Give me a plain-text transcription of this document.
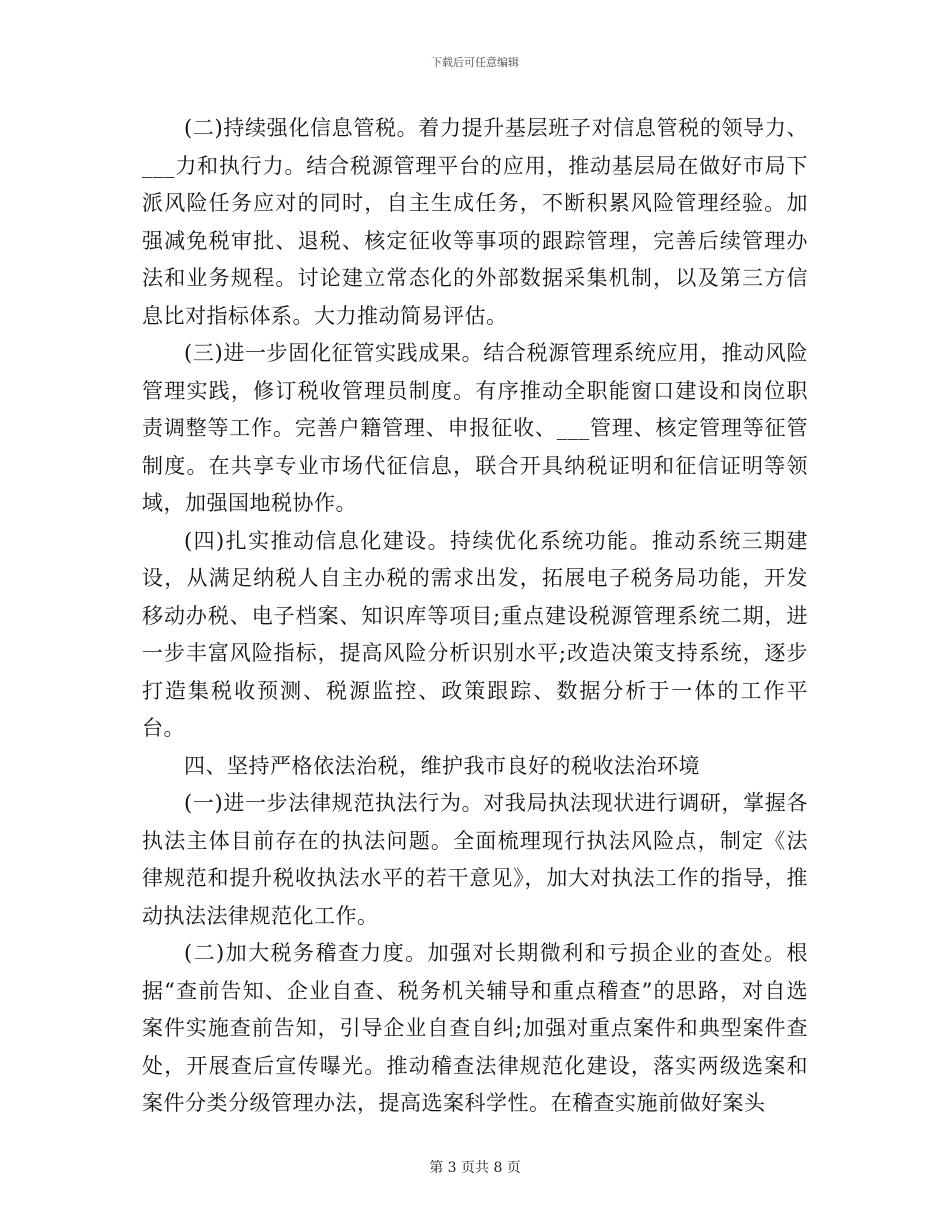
下载后可任意编辑

(二)持续强化信息管税。着力提升基层班子对信息管税的领导力、___力和执行力。结合税源管理平台的应用，推动基层局在做好市局下派风险任务应对的同时，自主生成任务，不断积累风险管理经验。加强减免税审批、退税、核定征收等事项的跟踪管理，完善后续管理办法和业务规程。讨论建立常态化的外部数据采集机制，以及第三方信息比对指标体系。大力推动简易评估。

(三)进一步固化征管实践成果。结合税源管理系统应用，推动风险管理实践，修订税收管理员制度。有序推动全职能窗口建设和岗位职责调整等工作。完善户籍管理、申报征收、___管理、核定管理等征管制度。在共享专业市场代征信息，联合开具纳税证明和征信证明等领域，加强国地税协作。

(四)扎实推动信息化建设。持续优化系统功能。推动系统三期建设，从满足纳税人自主办税的需求出发，拓展电子税务局功能，开发移动办税、电子档案、知识库等项目;重点建设税源管理系统二期，进一步丰富风险指标，提高风险分析识别水平;改造决策支持系统，逐步打造集税收预测、税源监控、政策跟踪、数据分析于一体的工作平台。

四、坚持严格依法治税，维护我市良好的税收法治环境

(一)进一步法律规范执法行为。对我局执法现状进行调研，掌握各执法主体目前存在的执法问题。全面梳理现行执法风险点，制定《法律规范和提升税收执法水平的若干意见》，加大对执法工作的指导，推动执法法律规范化工作。

(二)加大税务稽查力度。加强对长期微利和亏损企业的查处。根据“查前告知、企业自查、税务机关辅导和重点稽查”的思路，对自选案件实施查前告知，引导企业自查自纠;加强对重点案件和典型案件查处，开展查后宣传曝光。推动稽查法律规范化建设，落实两级选案和案件分类分级管理办法，提高选案科学性。在稽查实施前做好案头

第 3 页共 8 页
